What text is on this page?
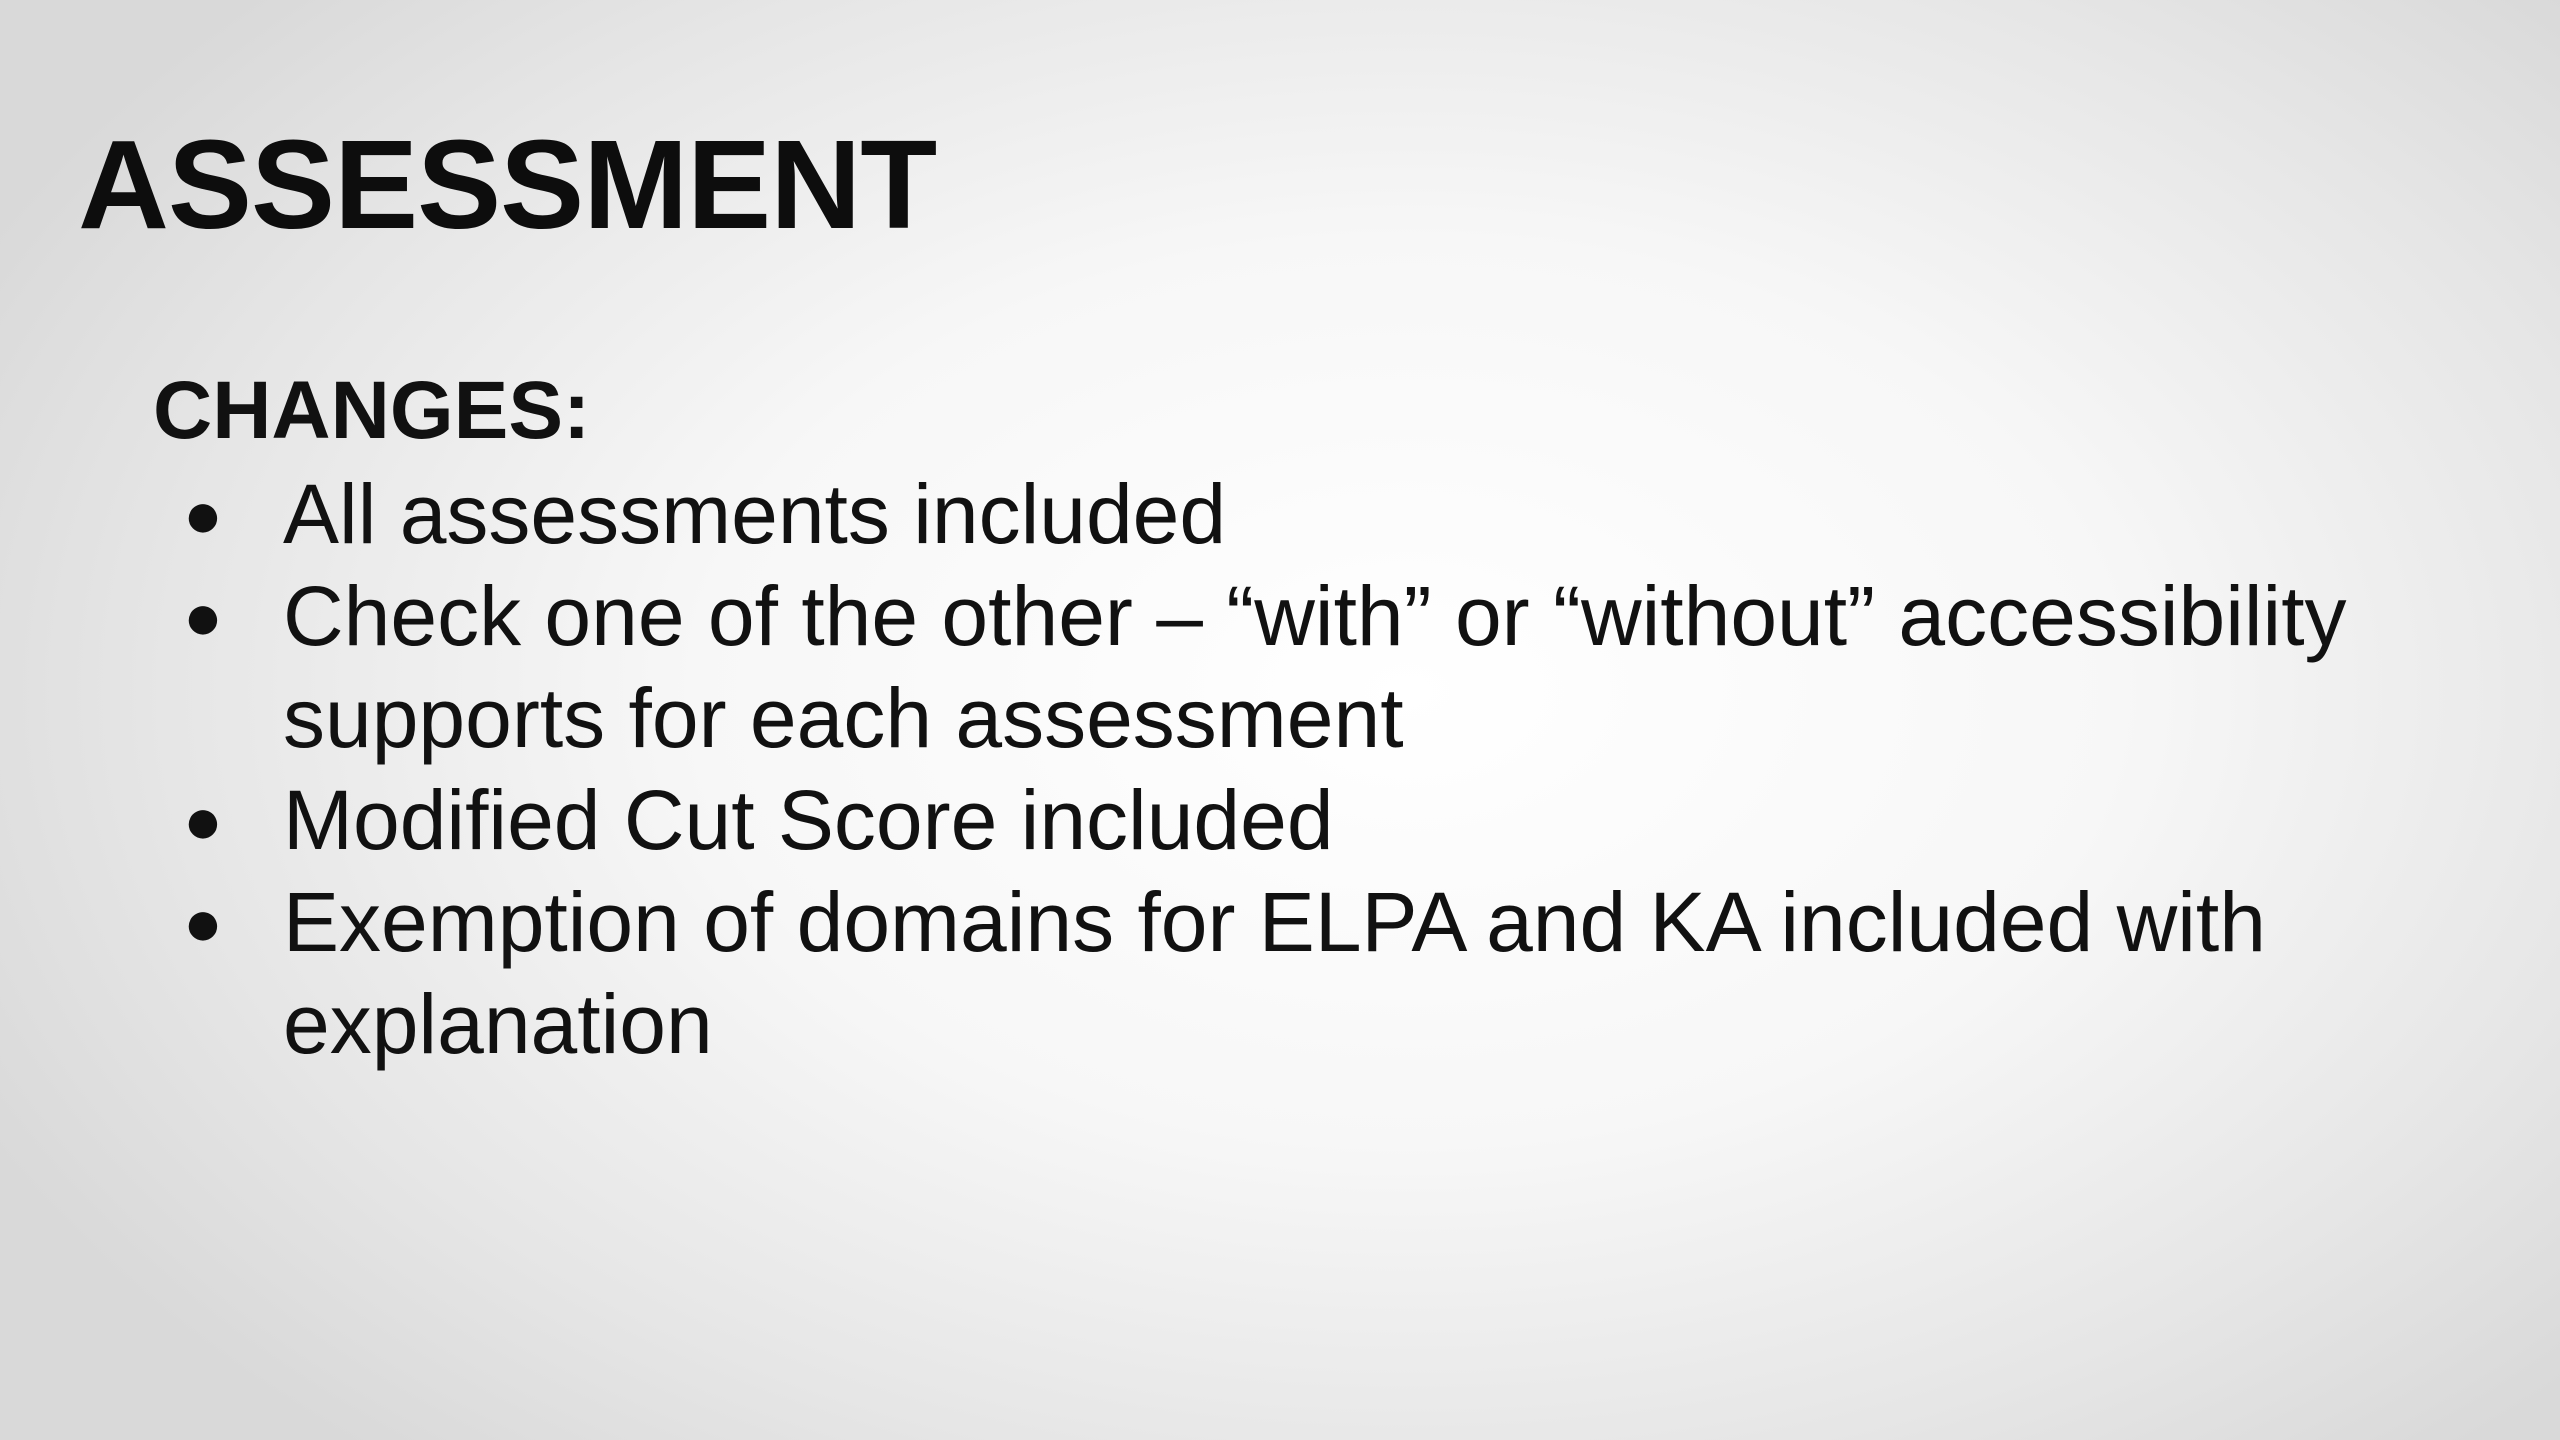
ASSESSMENT
CHANGES:
● All assessments included
● Check one of the other – “with” or “without” accessibility supports for each assessment
● Modified Cut Score included
● Exemption of domains for ELPA and KA included with explanation
